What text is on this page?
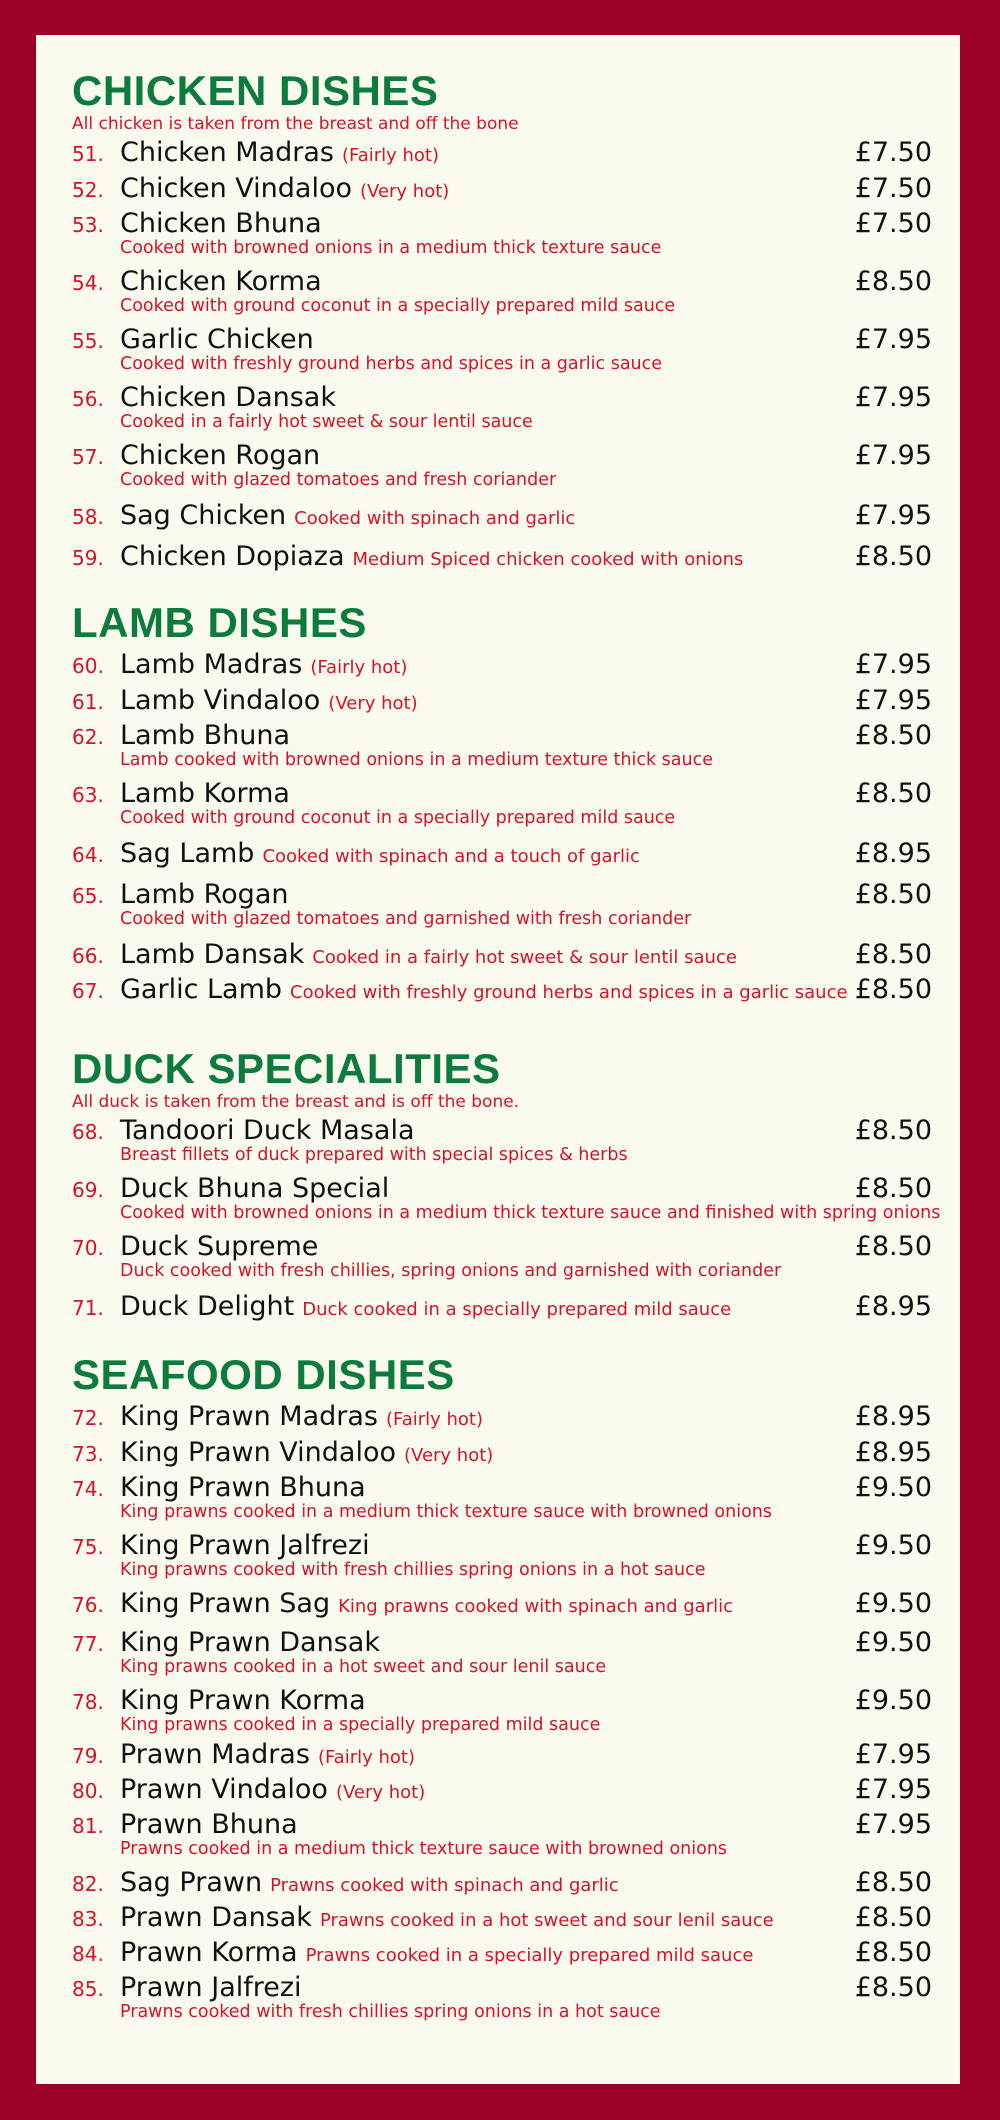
CHICKEN DISHES
All chicken is taken from the breast and off the bone
51. Chicken Madras (Fairly hot)	£7.50
52. Chicken Vindaloo (Very hot)	£7.50
53. Chicken Bhuna	£7.50
Cooked with browned onions in a medium thick texture sauce
54. Chicken Korma	£8.50
Cooked with ground coconut in a specially prepared mild sauce
55. Garlic Chicken	£7.95
Cooked with freshly ground herbs and spices in a garlic sauce
56. Chicken Dansak	£7.95
Cooked in a fairly hot sweet & sour lentil sauce
57. Chicken Rogan	£7.95
Cooked with glazed tomatoes and fresh coriander
58. Sag Chicken Cooked with spinach and garlic	£7.95
59. Chicken Dopiaza Medium Spiced chicken cooked with onions	£8.50
LAMB DISHES
60. Lamb Madras (Fairly hot)	£7.95
61. Lamb Vindaloo (Very hot)	£7.95
62. Lamb Bhuna	£8.50
Lamb cooked with browned onions in a medium texture thick sauce
63. Lamb Korma	£8.50
Cooked with ground coconut in a specially prepared mild sauce
64. Sag Lamb Cooked with spinach and a touch of garlic	£8.95
65. Lamb Rogan	£8.50
Cooked with glazed tomatoes and garnished with fresh coriander
66. Lamb Dansak Cooked in a fairly hot sweet & sour lentil sauce	£8.50
67. Garlic Lamb Cooked with freshly ground herbs and spices in a garlic sauce £8.50
DUCK SPECIALITIES
All duck is taken from the breast and is off the bone.
68. Tandoori Duck Masala	£8.50
Breast fillets of duck prepared with special spices & herbs
69. Duck Bhuna Special	£8.50
Cooked with browned onions in a medium thick texture sauce and finished with spring onions
70. Duck Supreme	£8.50
Duck cooked with fresh chillies, spring onions and garnished with coriander
71. Duck Delight Duck cooked in a specially prepared mild sauce	£8.95
SEAFOOD DISHES
72. King Prawn Madras (Fairly hot)	£8.95
73. King Prawn Vindaloo (Very hot)	£8.95
74. King Prawn Bhuna	£9.50
King prawns cooked in a medium thick texture sauce with browned onions
75. King Prawn Jalfrezi	£9.50
King prawns cooked with fresh chillies spring onions in a hot sauce
76. King Prawn Sag King prawns cooked with spinach and garlic	£9.50
77. King Prawn Dansak	£9.50
King prawns cooked in a hot sweet and sour lenil sauce
78. King Prawn Korma	£9.50
King prawns cooked in a specially prepared mild sauce
79. Prawn Madras (Fairly hot)	£7.95
80. Prawn Vindaloo (Very hot)	£7.95
81. Prawn Bhuna	£7.95
Prawns cooked in a medium thick texture sauce with browned onions
82. Sag Prawn Prawns cooked with spinach and garlic	£8.50
83. Prawn Dansak Prawns cooked in a hot sweet and sour lenil sauce	£8.50
84. Prawn Korma Prawns cooked in a specially prepared mild sauce	£8.50
85. Prawn Jalfrezi	£8.50
Prawns cooked with fresh chillies spring onions in a hot sauce
